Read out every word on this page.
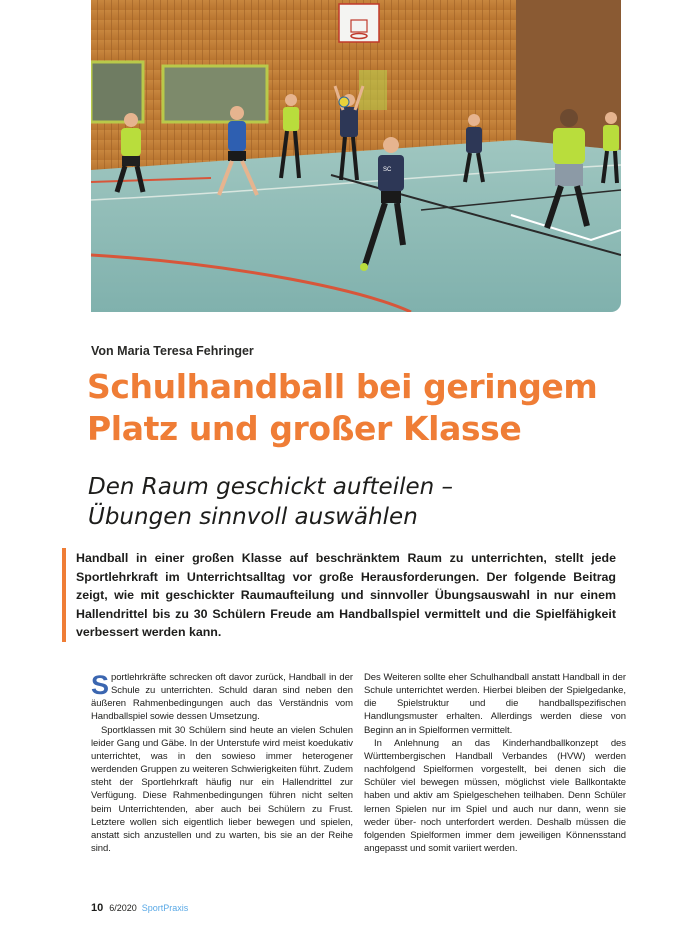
SC
Von Maria Teresa Fehringer
Schulhandball bei geringem
Platz und großer Klasse
Den Raum geschickt aufteilen –
Übungen sinnvoll auswählen
Handball in einer großen Klasse auf beschränktem Raum zu unterrichten, stellt jede Sportlehrkraft im Unterrichtsalltag vor große Herausforderungen. Der folgende Beitrag zeigt, wie mit geschickter Raumaufteilung und sinnvoller Übungsauswahl in nur einem Hallendrittel bis zu 30 Schülern Freude am Handballspiel vermittelt und die Spielfähigkeit verbessert werden kann.

Sportlehrkräfte schrecken oft davor zurück, Handball in der Schule zu unterrichten. Schuld daran sind neben den äußeren Rahmenbedingungen auch das Verständnis vom Handballspiel sowie dessen Umsetzung.

Sportklassen mit 30 Schülern sind heute an vielen Schulen leider Gang und Gäbe. In der Unterstufe wird meist koedukativ unterrichtet, was in den sowieso immer heterogener werdenden Gruppen zu weiteren Schwierigkeiten führt. Zudem steht der Sportlehrkraft häufig nur ein Hallendrittel zur Verfügung. Diese Rahmenbedingungen führen nicht selten beim Unterrichtenden, aber auch bei Schülern zu Frust. Letztere wollen sich eigentlich lieber bewegen und spielen, anstatt sich anzustellen und zu warten, bis sie an der Reihe sind.

Des Weiteren sollte eher Schulhandball anstatt Handball in der Schule unterrichtet werden. Hierbei bleiben der Spielgedanke, die Spielstruktur und die handballspezifischen Handlungsmuster erhalten. Allerdings werden diese von Beginn an in Spielformen vermittelt.

In Anlehnung an das Kinderhandballkonzept des Württembergischen Handball Verbandes (HVW) werden nachfolgend Spielformen vorgestellt, bei denen sich die Schüler viel bewegen müssen, möglichst viele Ballkontakte haben und aktiv am Spielgeschehen teilhaben. Denn Schüler lernen Spielen nur im Spiel und auch nur dann, wenn sie weder über- noch unterfordert werden. Deshalb müssen die folgenden Spielformen immer dem jeweiligen Könnensstand angepasst und somit variiert werden.

10 6/2020 SportPraxis
